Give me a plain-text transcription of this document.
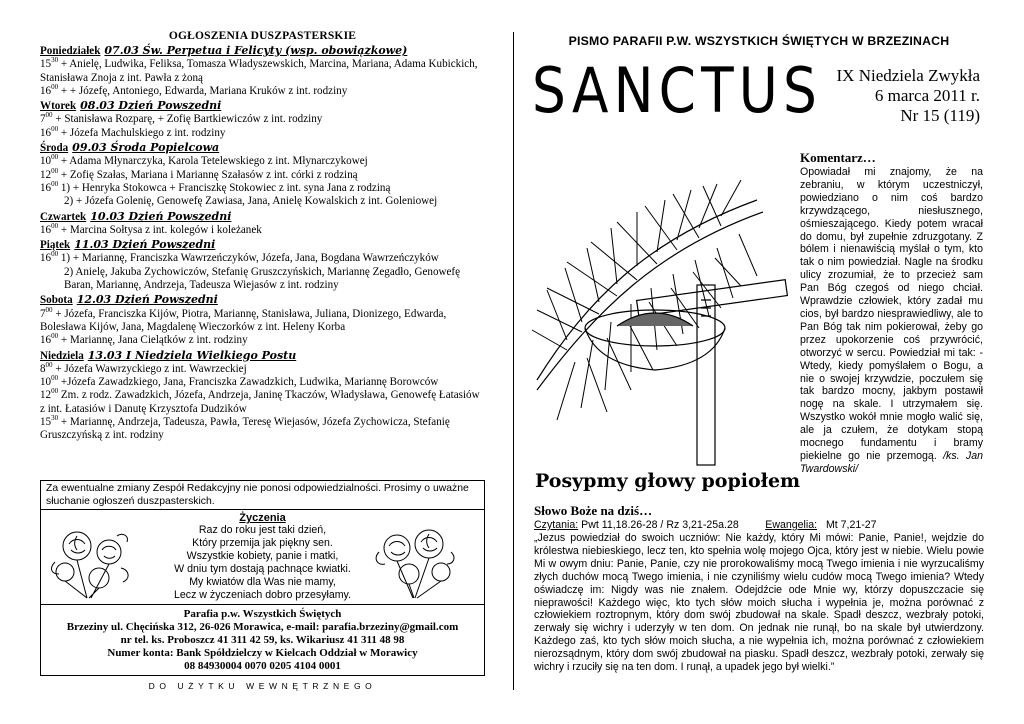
OGŁOSZENIA DUSZPASTERSKIE
Poniedziałek 07.03 Św. Perpetua i Felicyty (wsp. obowiązkowe)
$15^{30}$ + Anielę, Ludwika, Feliksa, Tomasza Władyszewskich, Marcina, Mariana, Adama Kubickich, Stanisława Znoja z int. Pawła z żoną
$16^{00}$ + + Józefę, Antoniego, Edwarda, Mariana Kruków z int. rodziny
Wtorek 08.03 Dzień Powszedni
$7^{00}$ + Stanisława Rozparę, + Zofię Bartkiewiczów z int. rodziny
$16^{00}$ + Józefa Machulskiego z int. rodziny
Środa 09.03 Środa Popielcowa
$10^{00}$ + Adama Młynarczyka, Karola Tetelewskiego z int. Młynarczykowej
$12^{00}$ + Zofię Szałas, Mariana i Mariannę Szałasów z int. córki z rodziną
$16^{00}$ 1) + Henryka Stokowca + Franciszkę Stokowiec z int. syna Jana z rodziną
2) + Józefa Golenię, Genowefę Zawiasa, Jana, Anielę Kowalskich z int. Goleniowej
Czwartek 10.03 Dzień Powszedni
$16^{00}$ + Marcina Sołtysa z int. kolegów i koleżanek
Piątek 11.03 Dzień Powszedni
$16^{00}$ 1) + Mariannę, Franciszka Wawrzeńczyków, Józefa, Jana, Bogdana Wawrzeńczyków
2) Anielę, Jakuba Zychowiczów, Stefanię Gruszczyńskich, Mariannę Zegadło, Genowefę Baran, Mariannę, Andrzeja, Tadeusza Wiejasów z int. rodziny
Sobota 12.03 Dzień Powszedni
$7^{00}$ + Józefa, Franciszka Kijów, Piotra, Mariannę, Stanisława, Juliana, Dionizego, Edwarda, Bolesława Kijów, Jana, Magdalenę Wieczorków z int. Heleny Korba
$16^{00}$ + Mariannę, Jana Cielątków z int. rodziny
Niedziela 13.03 I Niedziela Wielkiego Postu
$8^{00}$ + Józefa Wawrzyckiego z int. Wawrzeckiej
$10^{00}$ +Józefa Zawadzkiego, Jana, Franciszka Zawadzkich, Ludwika, Mariannę Borowców
$12^{00}$ Zm. z rodz. Zawadzkich, Józefa, Andrzeja, Janinę Tkaczów, Władysława, Genowefę Łatasiów z int. Łatasiów i Danutę Krzysztofa Dudzików
$15^{30}$ + Mariannę, Andrzeja, Tadeusza, Pawła, Teresę Wiejasów, Józefa Zychowicza, Stefanię Gruszczyńską z int. rodziny
Za ewentualne zmiany Zespół Redakcyjny nie ponosi odpowiedzialności. Prosimy o uważne słuchanie ogłoszeń duszpasterskich.
Życzenia
Raz do roku jest taki dzień,
Który przemija jak piękny sen.
Wszystkie kobiety, panie i matki,
W dniu tym dostają pachnące kwiatki.
My kwiatów dla Was nie mamy,
Lecz w życzeniach dobro przesyłamy.
Parafia p.w. Wszystkich Świętych
Brzeziny ul. Chęcińska 312, 26-026 Morawica, e-mail: parafia.brzeziny@gmail.com
nr tel. ks. Proboszcz 41 311 42 59, ks. Wikariusz 41 311 48 98
Numer konta: Bank Spółdzielczy w Kielcach Oddział w Morawicy
08 84930004 0070 0205 4104 0001
DO UŻYTKU WEWNĘTRZNEGO
PISMO PARAFII P.W. WSZYSTKICH ŚWIĘTYCH W BRZEZINACH
SANCTUS IX Niedziela Zwykła
6 marca 2011 r.
Nr 15 (119)
Posypmy głowy popiołem
Komentarz…
Opowiadał mi znajomy, że na zebraniu, w którym uczestniczył, powiedziano o nim coś bardzo krzywdzącego, niesłusznego, ośmieszającego. Kiedy potem wracał do domu, był zupełnie zdruzgotany. Z bólem i nienawiścią myślał o tym, kto tak o nim powiedział. Nagle na środku ulicy zrozumiał, że to przecież sam Pan Bóg czegoś od niego chciał. Wprawdzie człowiek, który zadał mu cios, był bardzo niesprawiedliwy, ale to Pan Bóg tak nim pokierował, żeby go przez upokorzenie coś przywrócić, otworzyć w sercu. Powiedział mi tak: - Wtedy, kiedy pomyślałem o Bogu, a nie o swojej krzywdzie, poczułem się tak bardzo mocny, jakbym postawił nogę na skale. I utrzymałem się. Wszystko wokół mnie mogło walić się, ale ja czułem, że dotykam stopą mocnego fundamentu i bramy piekielne go nie przemogą. /ks. Jan Twardowski/
Słowo Boże na dziś…
Czytania: Pwt 11,18.26-28 / Rz 3,21-25a.28	Ewangelia: Mt 7,21-27
„Jezus powiedział do swoich uczniów: Nie każdy, który Mi mówi: Panie, Panie!, wejdzie do królestwa niebieskiego, lecz ten, kto spełnia wolę mojego Ojca, który jest w niebie. Wielu powie Mi w owym dniu: Panie, Panie, czy nie prorokowaliśmy mocą Twego imienia i nie wyrzucaliśmy złych duchów mocą Twego imienia, i nie czyniliśmy wielu cudów mocą Twego imienia? Wtedy oświadczę im: Nigdy was nie znałem. Odejdźcie ode Mnie wy, którzy dopuszczacie się nieprawości! Każdego więc, kto tych słów moich słucha i wypełnia je, można porównać z człowiekiem roztropnym, który dom swój zbudował na skale. Spadł deszcz, wezbrały potoki, zerwały się wichry i uderzyły w ten dom. On jednak nie runął, bo na skale był utwierdzony. Każdego zaś, kto tych słów moich słucha, a nie wypełnia ich, można porównać z człowiekiem nierozsądnym, który dom swój zbudował na piasku. Spadł deszcz, wezbrały potoki, zerwały się wichry i rzuciły się na ten dom. I runął, a upadek jego był wielki.”
